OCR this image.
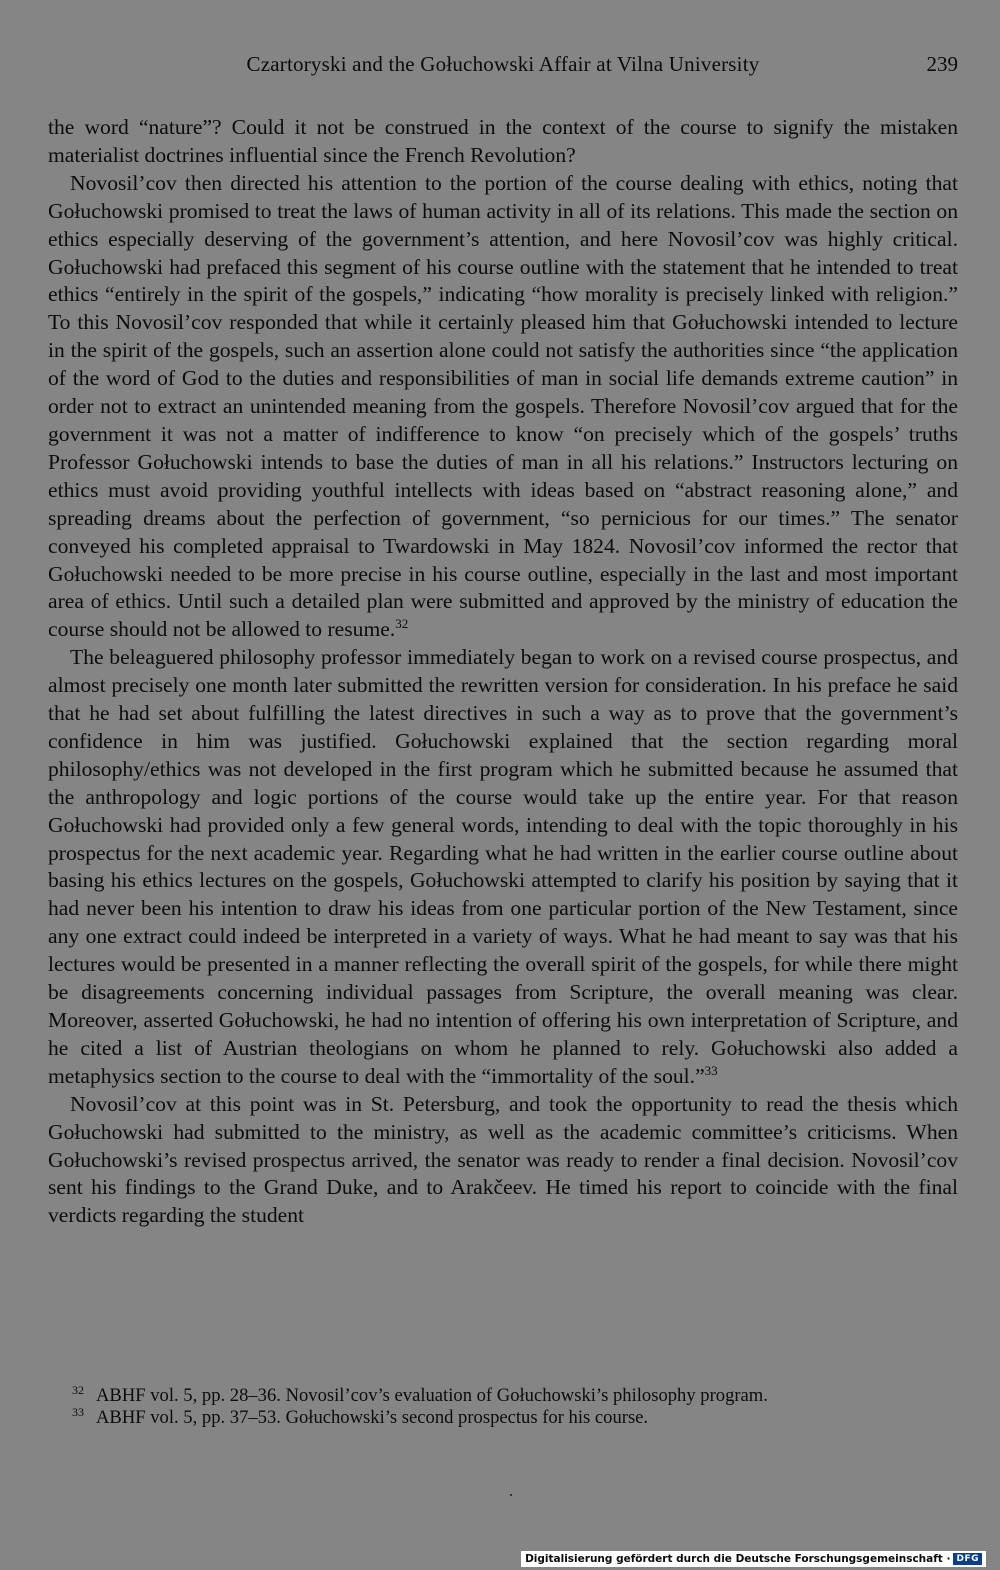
Czartoryski and the Gołuchowski Affair at Vilna University	239

the word “nature”? Could it not be construed in the context of the course to signify the mistaken materialist doctrines influential since the French Revolution?

Novosil’cov then directed his attention to the portion of the course dealing with ethics, noting that Gołuchowski promised to treat the laws of human activity in all of its relations. This made the section on ethics especially deserving of the government’s attention, and here Novosil’cov was highly critical. Gołuchowski had prefaced this segment of his course outline with the statement that he intended to treat ethics “entirely in the spirit of the gospels,” indicating “how morality is precisely linked with religion.” To this Novosil’cov responded that while it certainly pleased him that Gołuchowski intended to lecture in the spirit of the gospels, such an assertion alone could not satisfy the authorities since “the application of the word of God to the duties and responsibilities of man in social life demands extreme caution” in order not to extract an unintended meaning from the gospels. Therefore Novosil’cov argued that for the government it was not a matter of indifference to know “on precisely which of the gospels’ truths Professor Gołuchowski intends to base the duties of man in all his relations.” Instructors lecturing on ethics must avoid providing youthful intellects with ideas based on “abstract reasoning alone,” and spreading dreams about the perfection of government, “so pernicious for our times.” The senator conveyed his completed appraisal to Twardowski in May 1824. Novosil’cov informed the rector that Gołuchowski needed to be more precise in his course outline, especially in the last and most important area of ethics. Until such a detailed plan were submitted and approved by the ministry of education the course should not be allowed to resume.$^{32}$

The beleaguered philosophy professor immediately began to work on a revised course prospectus, and almost precisely one month later submitted the rewritten version for consideration. In his preface he said that he had set about fulfilling the latest directives in such a way as to prove that the government’s confidence in him was justified. Gołuchowski explained that the section regarding moral philosophy/ethics was not developed in the first program which he submitted because he assumed that the anthropology and logic portions of the course would take up the entire year. For that reason Gołuchowski had provided only a few general words, intending to deal with the topic thoroughly in his prospectus for the next academic year. Regarding what he had written in the earlier course outline about basing his ethics lectures on the gospels, Gołuchowski attempted to clarify his position by saying that it had never been his intention to draw his ideas from one particular portion of the New Testament, since any one extract could indeed be interpreted in a variety of ways. What he had meant to say was that his lectures would be presented in a manner reflecting the overall spirit of the gospels, for while there might be disagreements concerning individual passages from Scripture, the overall meaning was clear. Moreover, asserted Gołuchowski, he had no intention of offering his own interpretation of Scripture, and he cited a list of Austrian theologians on whom he planned to rely. Gołuchowski also added a metaphysics section to the course to deal with the “immortality of the soul.”$^{33}$

Novosil’cov at this point was in St. Petersburg, and took the opportunity to read the thesis which Gołuchowski had submitted to the ministry, as well as the academic committee’s criticisms. When Gołuchowski’s revised prospectus arrived, the senator was ready to render a final decision. Novosil’cov sent his findings to the Grand Duke, and to Arakčeev. He timed his report to coincide with the final verdicts regarding the student

32 ABHF vol. 5, pp. 28–36. Novosil’cov’s evaluation of Gołuchowski’s philosophy program.
33 ABHF vol. 5, pp. 37–53. Gołuchowski’s second prospectus for his course.
Digitalisierung gefördert durch die Deutsche Forschungsgemeinschaft · DFG
